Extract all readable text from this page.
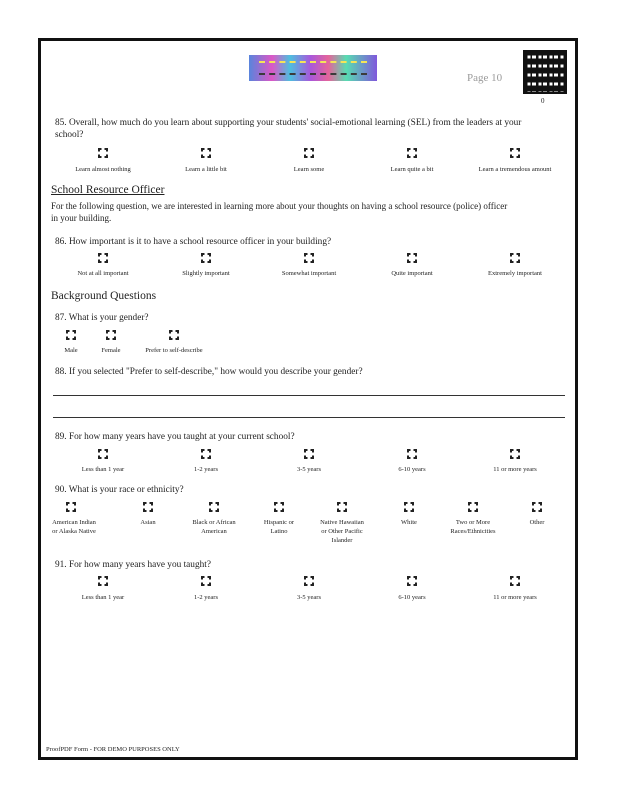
Page 10
0
85. Overall, how much do you learn about supporting your students' social-emotional learning (SEL) from the leaders at your
school?
Learn almost nothing	Learn a little bit	Learn some	Learn quite a bit	Learn a tremendous amount
School Resource Officer
For the following question, we are interested in learning more about your thoughts on having a school resource (police) officer
in your building.
86. How important is it to have a school resource officer in your building?
Not at all important	Slightly important	Somewhat important	Quite important	Extremely important
Background Questions
87. What is your gender?
Male	Female	Prefer to self-describe
88. If you selected "Prefer to self-describe," how would you describe your gender?
89. For how many years have you taught at your current school?
Less than 1 year	1-2 years	3-5 years	6-10 years	11 or more years
90. What is your race or ethnicity?
American Indian
or Alaska Native
Asian	Black or African
American
Hispanic or
Latino
Native Hawaiian
or Other Pacific
Islander
White	Two or More
Races/Ethnicities
Other
91. For how many years have you taught?
Less than 1 year	1-2 years	3-5 years	6-10 years	11 or more years
ProofPDF Form - FOR DEMO PURPOSES ONLY
